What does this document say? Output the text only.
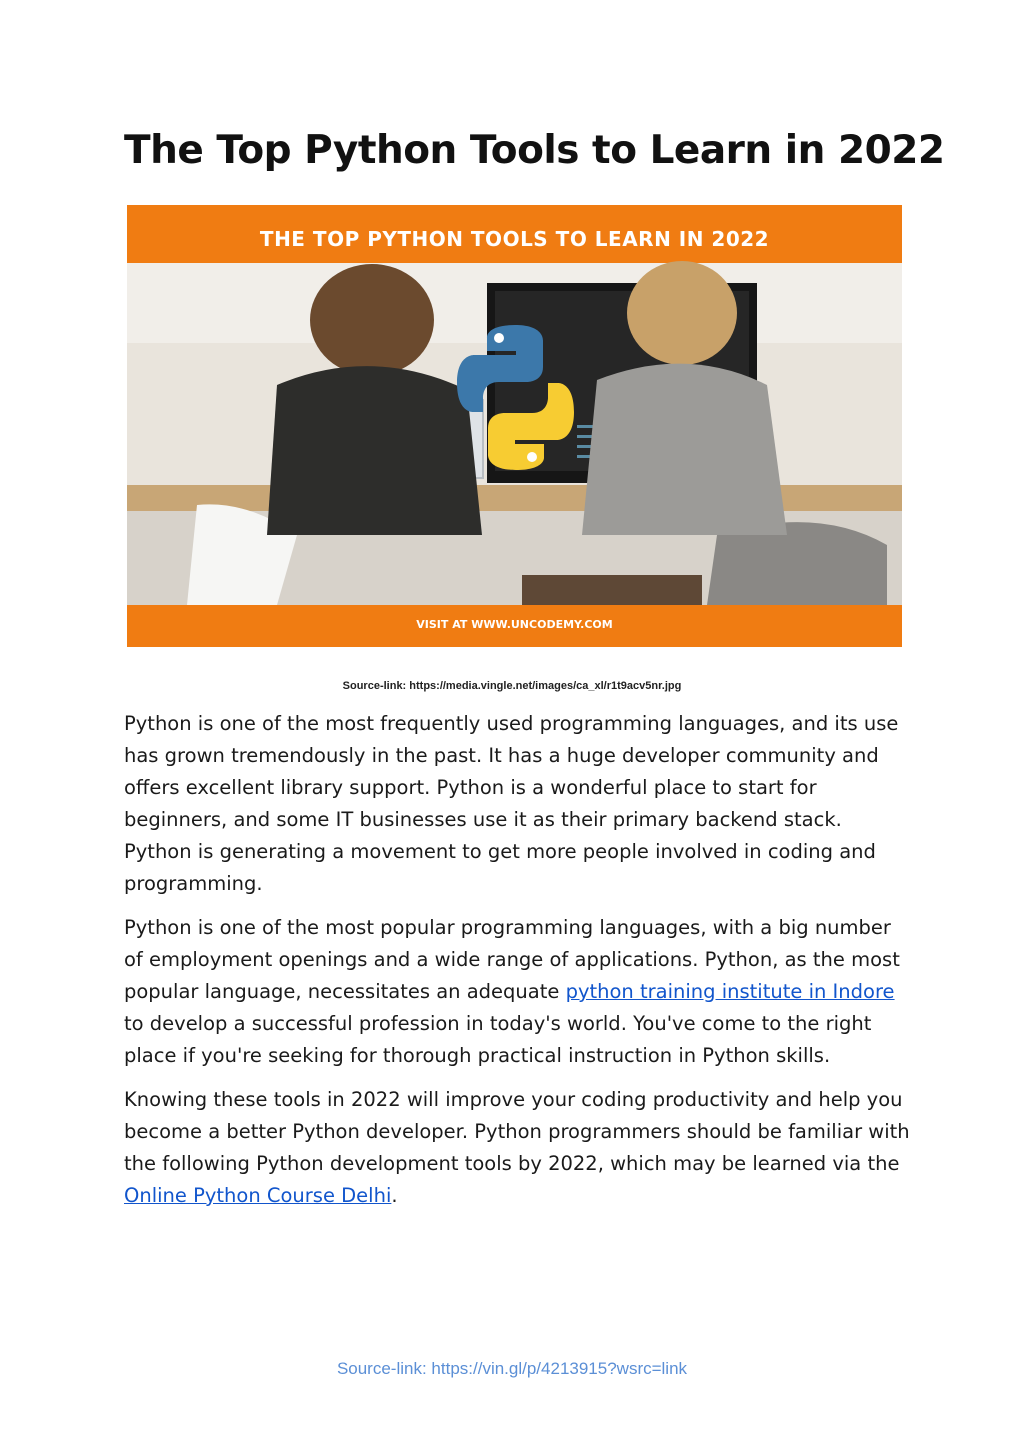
The Top Python Tools to Learn in 2022
THE TOP PYTHON TOOLS TO LEARN IN 2022
VISIT AT WWW.UNCODEMY.COM
Source-link: https://media.vingle.net/images/ca_xl/r1t9acv5nr.jpg

Python is one of the most frequently used programming languages, and its use has grown tremendously in the past. It has a huge developer community and offers excellent library support. Python is a wonderful place to start for beginners, and some IT businesses use it as their primary backend stack. Python is generating a movement to get more people involved in coding and programming.

Python is one of the most popular programming languages, with a big number of employment openings and a wide range of applications. Python, as the most popular language, necessitates an adequate python training institute in Indore to develop a successful profession in today's world. You've come to the right place if you're seeking for thorough practical instruction in Python skills.

Knowing these tools in 2022 will improve your coding productivity and help you become a better Python developer. Python programmers should be familiar with the following Python development tools by 2022, which may be learned via the Online Python Course Delhi.

Source-link: https://vin.gl/p/4213915?wsrc=link
